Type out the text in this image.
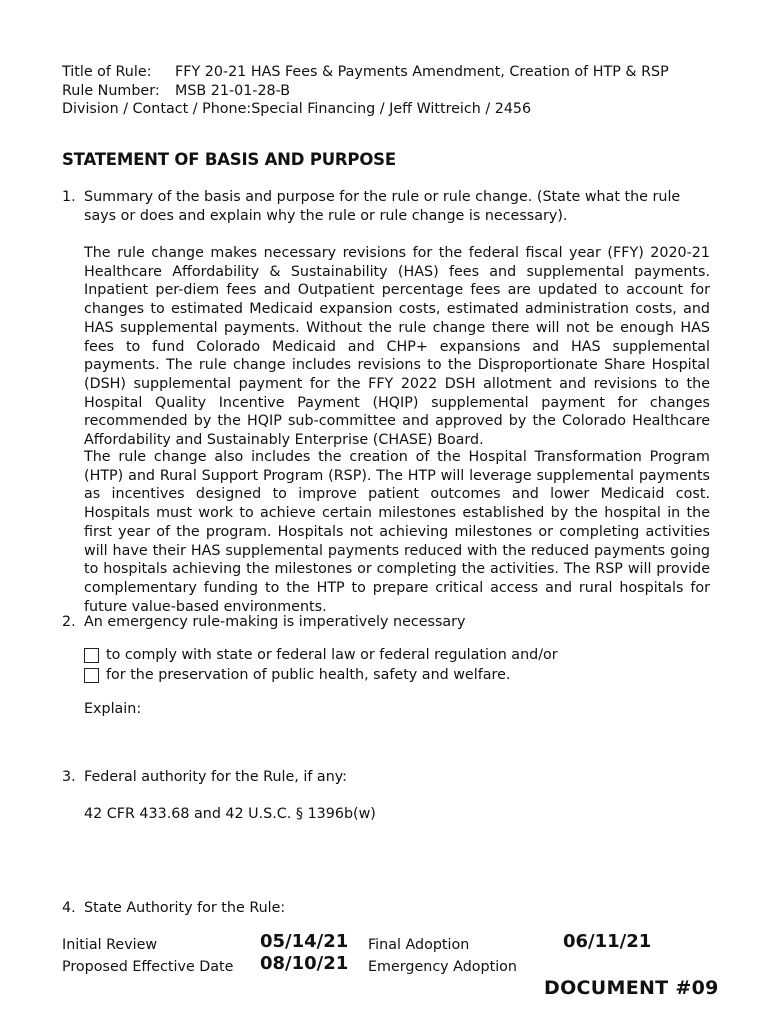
Title of Rule:	FFY 20-21 HAS Fees & Payments Amendment, Creation of HTP & RSP
Rule Number:	MSB 21-01-28-B
Division / Contact / Phone: Special Financing / Jeff Wittreich / 2456
STATEMENT OF BASIS AND PURPOSE
1. Summary of the basis and purpose for the rule or rule change. (State what the rule says or does and explain why the rule or rule change is necessary).
The rule change makes necessary revisions for the federal fiscal year (FFY) 2020-21 Healthcare Affordability & Sustainability (HAS) fees and supplemental payments. Inpatient per-diem fees and Outpatient percentage fees are updated to account for changes to estimated Medicaid expansion costs, estimated administration costs, and HAS supplemental payments. Without the rule change there will not be enough HAS fees to fund Colorado Medicaid and CHP+ expansions and HAS supplemental payments. The rule change includes revisions to the Disproportionate Share Hospital (DSH) supplemental payment for the FFY 2022 DSH allotment and revisions to the Hospital Quality Incentive Payment (HQIP) supplemental payment for changes recommended by the HQIP sub-committee and approved by the Colorado Healthcare Affordability and Sustainably Enterprise (CHASE) Board.
The rule change also includes the creation of the Hospital Transformation Program (HTP) and Rural Support Program (RSP). The HTP will leverage supplemental payments as incentives designed to improve patient outcomes and lower Medicaid cost. Hospitals must work to achieve certain milestones established by the hospital in the first year of the program. Hospitals not achieving milestones or completing activities will have their HAS supplemental payments reduced with the reduced payments going to hospitals achieving the milestones or completing the activities. The RSP will provide complementary funding to the HTP to prepare critical access and rural hospitals for future value-based environments.
2. An emergency rule-making is imperatively necessary
to comply with state or federal law or federal regulation and/or
for the preservation of public health, safety and welfare.
Explain:
3. Federal authority for the Rule, if any:
42 CFR 433.68 and 42 U.S.C. § 1396b(w)
4. State Authority for the Rule:
Initial Review	05/14/21 Final Adoption	06/11/21
Proposed Effective Date 08/10/21 Emergency Adoption
DOCUMENT #09
